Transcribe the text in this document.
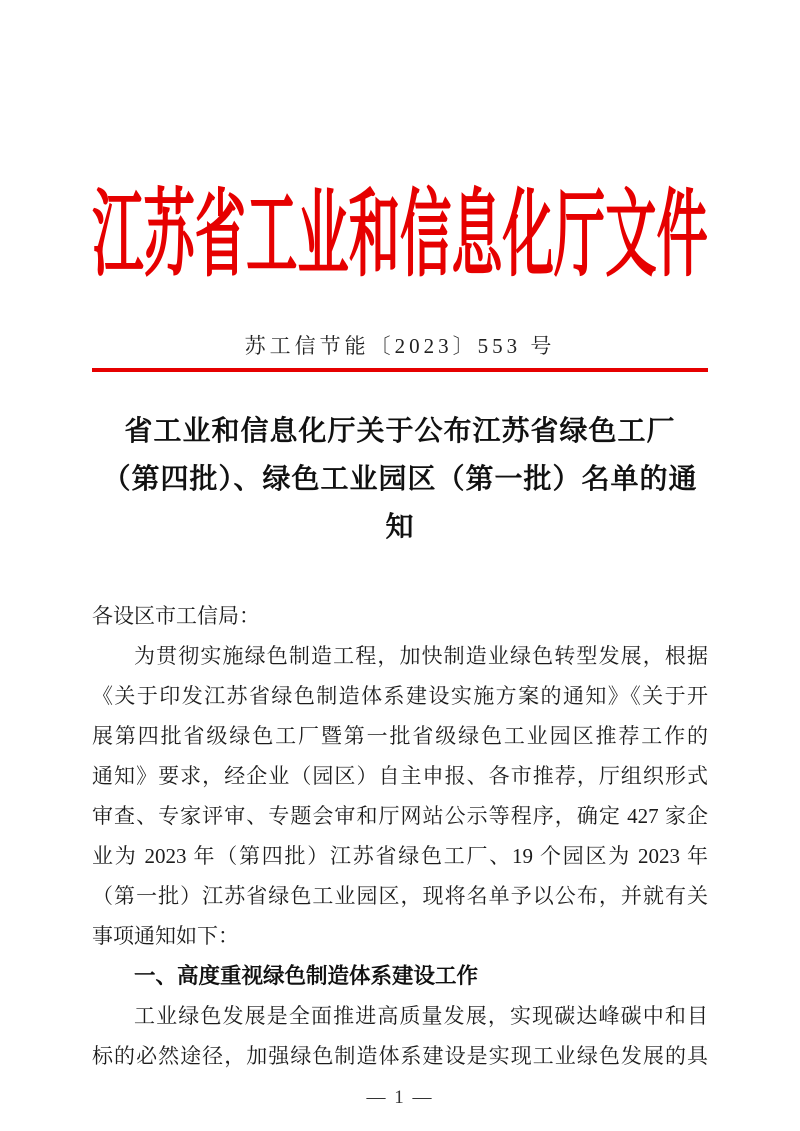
江苏省工业和信息化厅文件
苏工信节能〔2023〕553 号
省工业和信息化厅关于公布江苏省绿色工厂
（第四批）、绿色工业园区（第一批）名单的通知
各设区市工信局：
为贯彻实施绿色制造工程，加快制造业绿色转型发展，根据
《关于印发江苏省绿色制造体系建设实施方案的通知》《关于开
展第四批省级绿色工厂暨第一批省级绿色工业园区推荐工作的
通知》要求，经企业（园区）自主申报、各市推荐，厅组织形式
审查、专家评审、专题会审和厅网站公示等程序，确定 427 家企
业为 2023 年（第四批）江苏省绿色工厂、19 个园区为 2023 年
（第一批）江苏省绿色工业园区，现将名单予以公布，并就有关
事项通知如下：
一、高度重视绿色制造体系建设工作
工业绿色发展是全面推进高质量发展，实现碳达峰碳中和目
标的必然途径，加强绿色制造体系建设是实现工业绿色发展的具
— 1 —
